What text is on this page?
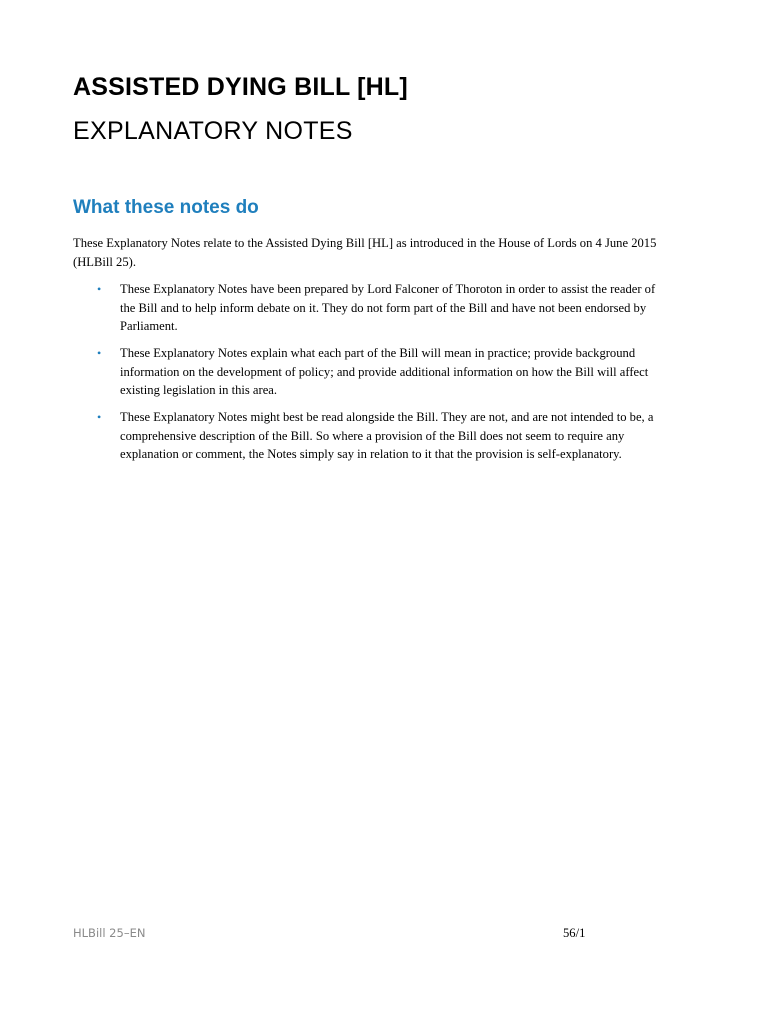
ASSISTED DYING BILL [HL]
EXPLANATORY NOTES
What these notes do

These Explanatory Notes relate to the Assisted Dying Bill [HL] as introduced in the House of Lords on 4 June 2015 (HLBill 25).

• These Explanatory Notes have been prepared by Lord Falconer of Thoroton in order to assist the reader of the Bill and to help inform debate on it. They do not form part of the Bill and have not been endorsed by Parliament.
• These Explanatory Notes explain what each part of the Bill will mean in practice; provide background information on the development of policy; and provide additional information on how the Bill will affect existing legislation in this area.
• These Explanatory Notes might best be read alongside the Bill. They are not, and are not intended to be, a comprehensive description of the Bill. So where a provision of the Bill does not seem to require any explanation or comment, the Notes simply say in relation to it that the provision is self-explanatory.
HLBill 25–EN	56/1
